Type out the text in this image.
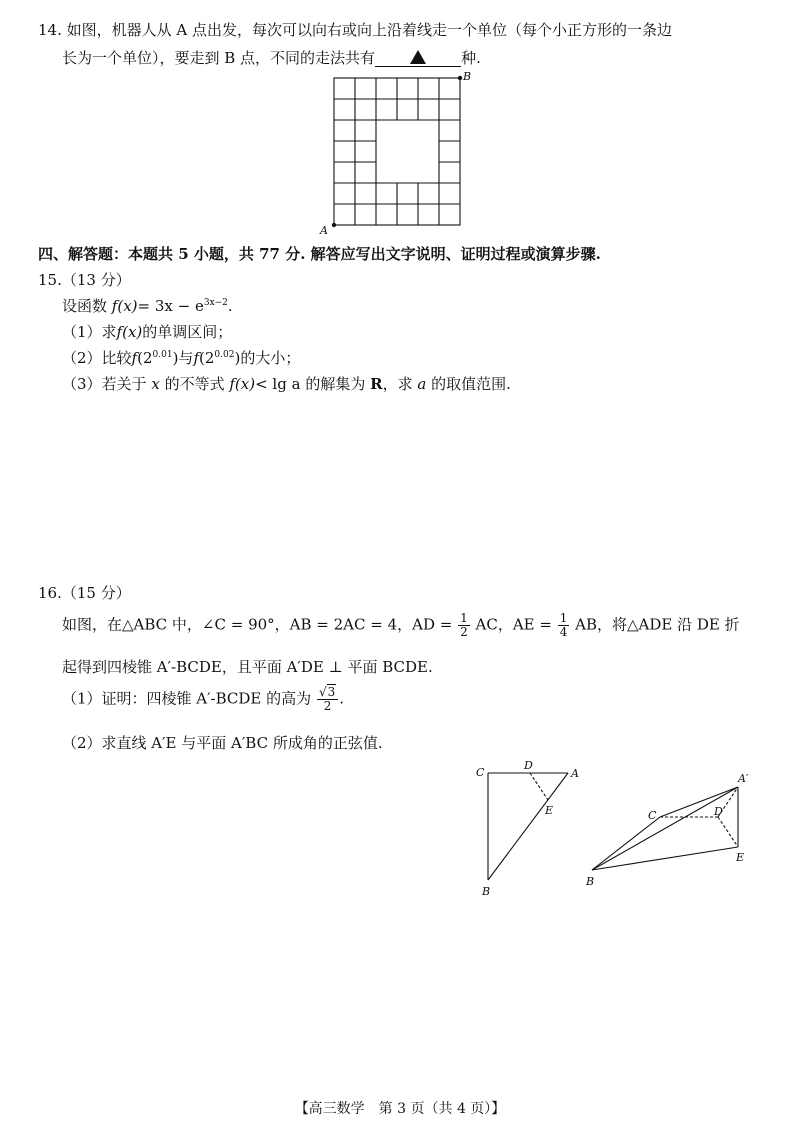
14. 如图，机器人从 A 点出发，每次可以向右或向上沿着线走一个单位（每个小正方形的一条边
长为一个单位），要走到 B 点，不同的走法共有	种.
A
B
四、解答题：本题共 5 小题，共 77 分. 解答应写出文字说明、证明过程或演算步骤.
15.（13 分）
设函数 $f(x)= 3x - e^{3x-2}$.
（1）求f(x)的单调区间；
（2）比较$f(2^{0.01})$与$f(2^{0.02})$的大小；
（3）若关于 x 的不等式 f(x)< lg a 的解集为 R，求 a 的取值范围.
16.（15 分）
如图，在△ABC 中，∠C = 90°，AB = 2AC = 4，AD = $\frac{1}{2}$ AC，AE = $\frac{1}{4}$ AB，将△ADE 沿 DE 折
起得到四棱锥 A′-BCDE，且平面 A′DE ⊥ 平面 BCDE.
（1）证明：四棱锥 A′-BCDE 的高为 $\frac{√3}{2}$ .
（2）求直线 A′E 与平面 A′BC 所成角的正弦值.
C
D
A
E
B
A′
C	D
E
B
【高三数学　第 3 页（共 4 页）】
